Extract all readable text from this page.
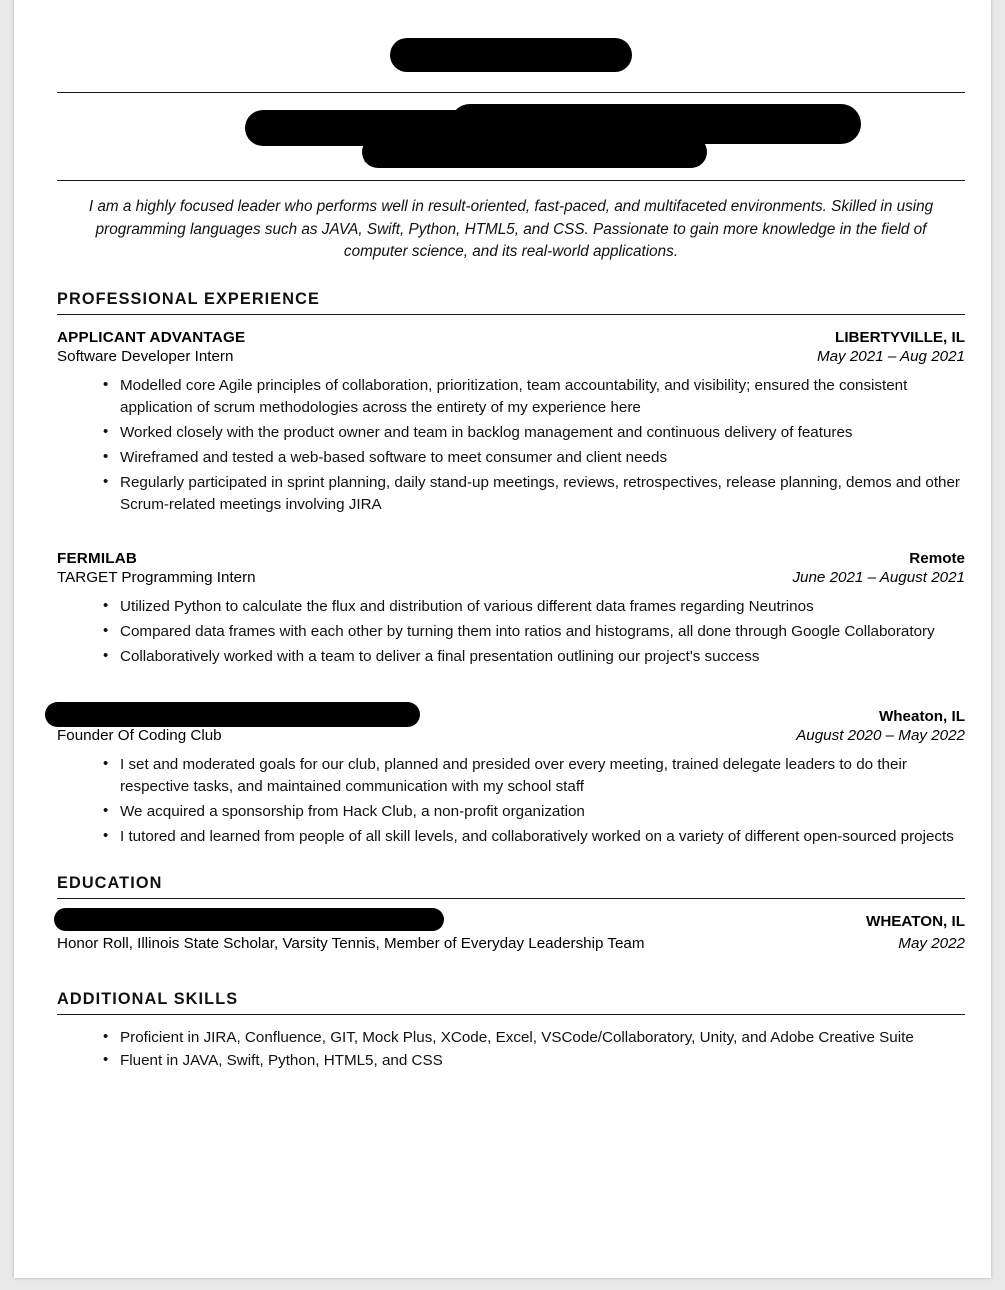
I am a highly focused leader who performs well in result-oriented, fast-paced, and multifaceted environments. Skilled in using programming languages such as JAVA, Swift, Python, HTML5, and CSS. Passionate to gain more knowledge in the field of computer science, and its real-world applications.
PROFESSIONAL EXPERIENCE
APPLICANT ADVANTAGE	LIBERTYVILLE, IL
Software Developer Intern	May 2021 – Aug 2021
• Modelled core Agile principles of collaboration, prioritization, team accountability, and visibility; ensured the consistent application of scrum methodologies across the entirety of my experience here
• Worked closely with the product owner and team in backlog management and continuous delivery of features
• Wireframed and tested a web-based software to meet consumer and client needs
• Regularly participated in sprint planning, daily stand-up meetings, reviews, retrospectives, release planning, demos and other Scrum-related meetings involving JIRA
FERMILAB	Remote
TARGET Programming Intern	June 2021 – August 2021
• Utilized Python to calculate the flux and distribution of various different data frames regarding Neutrinos
• Compared data frames with each other by turning them into ratios and histograms, all done through Google Collaboratory
• Collaboratively worked with a team to deliver a final presentation outlining our project's success
Wheaton, IL
Founder Of Coding Club	August 2020 – May 2022
• I set and moderated goals for our club, planned and presided over every meeting, trained delegate leaders to do their respective tasks, and maintained communication with my school staff
• We acquired a sponsorship from Hack Club, a non-profit organization
• I tutored and learned from people of all skill levels, and collaboratively worked on a variety of different open-sourced projects
EDUCATION
WHEATON, IL
Honor Roll, Illinois State Scholar, Varsity Tennis, Member of Everyday Leadership Team	May 2022
ADDITIONAL SKILLS
• Proficient in JIRA, Confluence, GIT, Mock Plus, XCode, Excel, VSCode/Collaboratory, Unity, and Adobe Creative Suite
• Fluent in JAVA, Swift, Python, HTML5, and CSS
